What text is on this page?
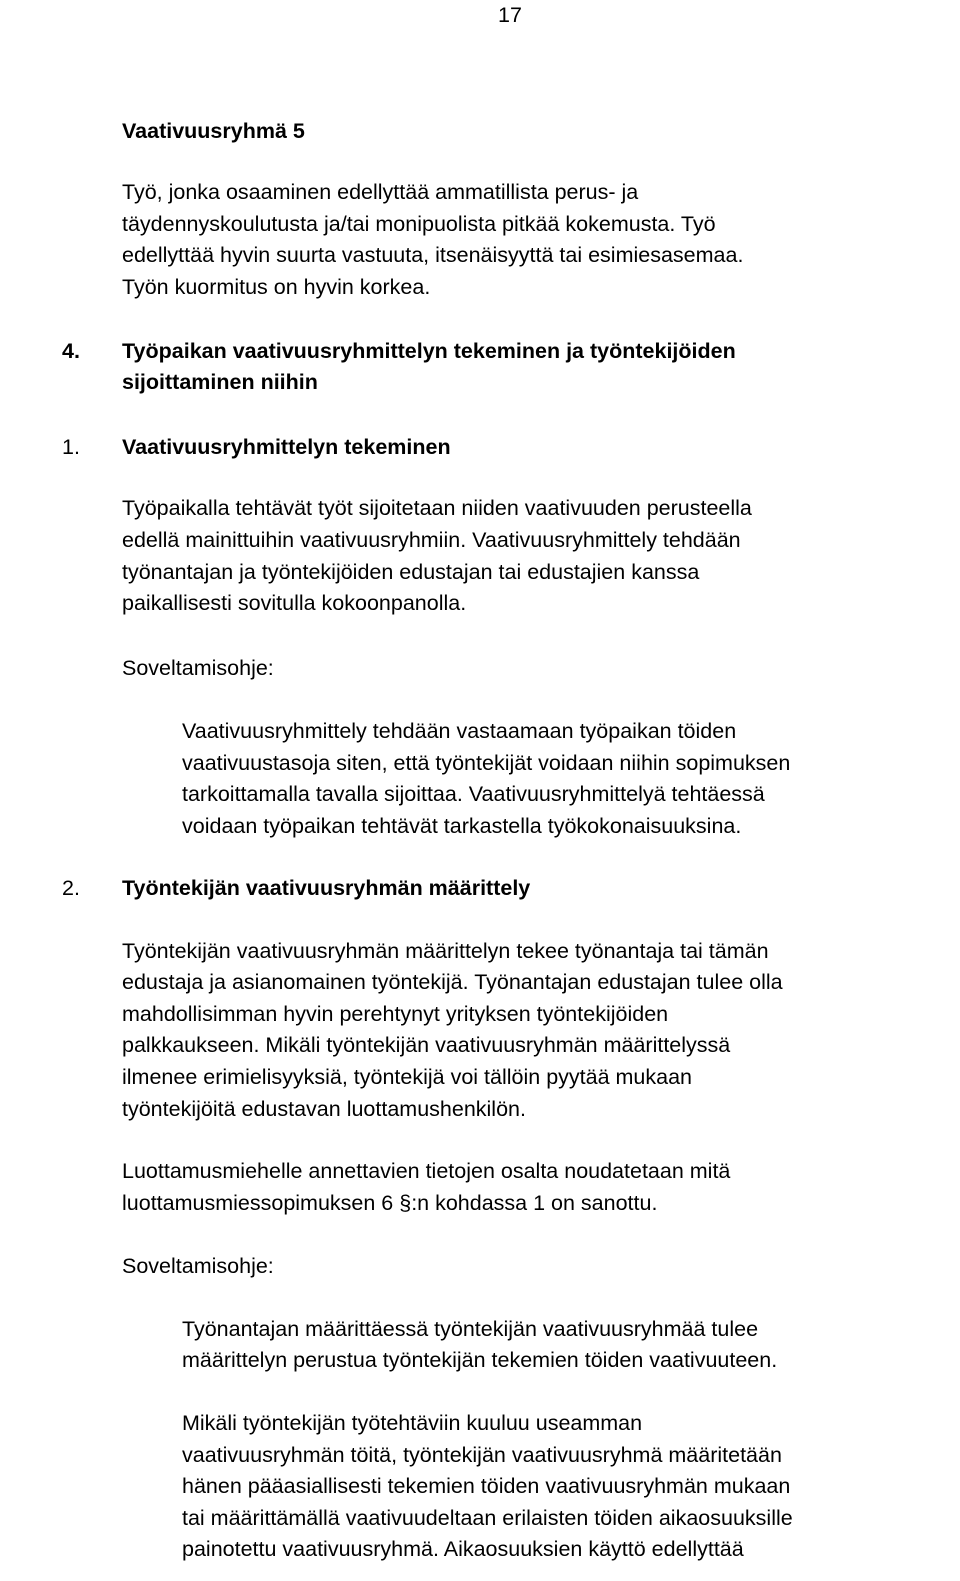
17
Vaativuusryhmä 5
Työ, jonka osaaminen edellyttää ammatillista perus- ja
täydennyskoulutusta ja/tai monipuolista pitkää kokemusta. Työ
edellyttää hyvin suurta vastuuta, itsenäisyyttä tai esimiesasemaa.
Työn kuormitus on hyvin korkea.
4. Työpaikan vaativuusryhmittelyn tekeminen ja työntekijöiden
sijoittaminen niihin
1. Vaativuusryhmittelyn tekeminen
Työpaikalla tehtävät työt sijoitetaan niiden vaativuuden perusteella
edellä mainittuihin vaativuusryhmiin. Vaativuusryhmittely tehdään
työnantajan ja työntekijöiden edustajan tai edustajien kanssa
paikallisesti sovitulla kokoonpanolla.
Soveltamisohje:
Vaativuusryhmittely tehdään vastaamaan työpaikan töiden
vaativuustasoja siten, että työntekijät voidaan niihin sopimuksen
tarkoittamalla tavalla sijoittaa. Vaativuusryhmittelyä tehtäessä
voidaan työpaikan tehtävät tarkastella työkokonaisuuksina.
2. Työntekijän vaativuusryhmän määrittely
Työntekijän vaativuusryhmän määrittelyn tekee työnantaja tai tämän
edustaja ja asianomainen työntekijä. Työnantajan edustajan tulee olla
mahdollisimman hyvin perehtynyt yrityksen työntekijöiden
palkkaukseen. Mikäli työntekijän vaativuusryhmän määrittelyssä
ilmenee erimielisyyksiä, työntekijä voi tällöin pyytää mukaan
työntekijöitä edustavan luottamushenkilön.
Luottamusmiehelle annettavien tietojen osalta noudatetaan mitä
luottamusmiessopimuksen 6 §:n kohdassa 1 on sanottu.
Soveltamisohje:
Työnantajan määrittäessä työntekijän vaativuusryhmää tulee
määrittelyn perustua työntekijän tekemien töiden vaativuuteen.
Mikäli työntekijän työtehtäviin kuuluu useamman
vaativuusryhmän töitä, työntekijän vaativuusryhmä määritetään
hänen pääasiallisesti tekemien töiden vaativuusryhmän mukaan
tai määrittämällä vaativuudeltaan erilaisten töiden aikaosuuksille
painotettu vaativuusryhmä. Aikaosuuksien käyttö edellyttää
